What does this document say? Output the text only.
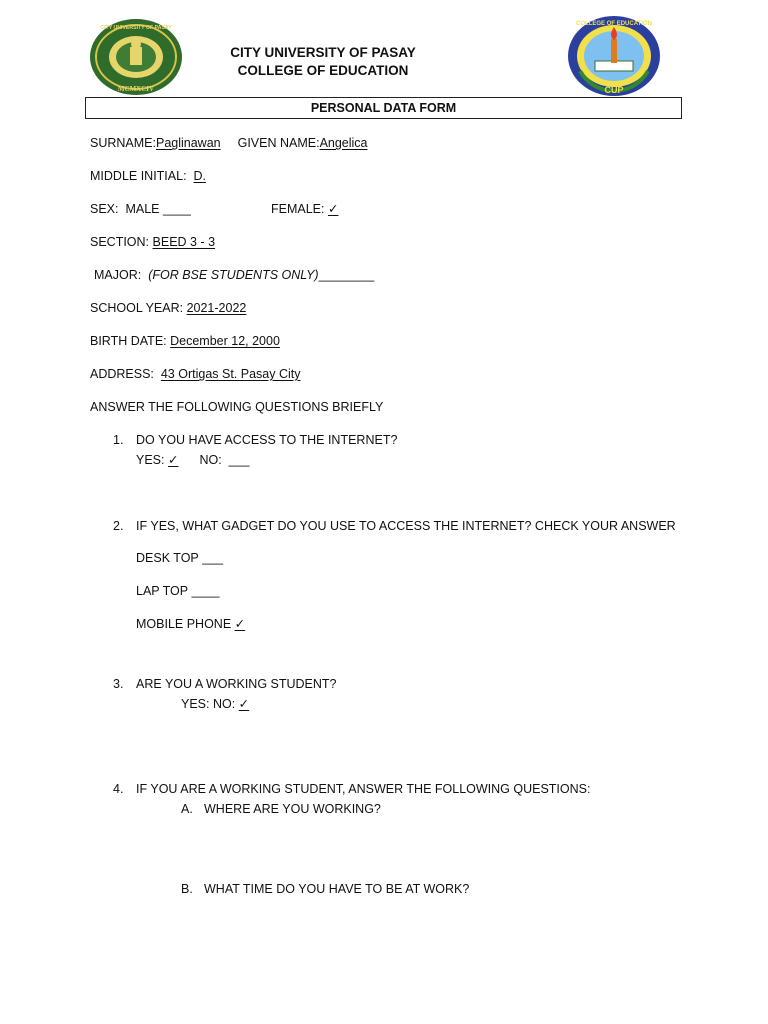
MCMXCIV
CITY UNIVERSITY OF PASAY
CITY UNIVERSITY OF PASAY
COLLEGE OF EDUCATION
COLLEGE OF EDUCATION
CUP
PERSONAL DATA FORM
SURNAME:Paglinawan GIVEN NAME:Angelica
MIDDLE INITIAL: D.
SEX: MALE ____	FEMALE: ✓
SECTION: BEED 3 - 3
MAJOR: (FOR BSE STUDENTS ONLY)________
SCHOOL YEAR: 2021-2022
BIRTH DATE: December 12, 2000
ADDRESS: 43 Ortigas St. Pasay City
ANSWER THE FOLLOWING QUESTIONS BRIEFLY
1. DO YOU HAVE ACCESS TO THE INTERNET?
YES: ✓ NO: ___
2. IF YES, WHAT GADGET DO YOU USE TO ACCESS THE INTERNET? CHECK YOUR ANSWER
DESK TOP ___
LAP TOP ____
MOBILE PHONE ✓
3. ARE YOU A WORKING STUDENT?
YES: NO: ✓
4. IF YOU ARE A WORKING STUDENT, ANSWER THE FOLLOWING QUESTIONS:
A. WHERE ARE YOU WORKING?
B. WHAT TIME DO YOU HAVE TO BE AT WORK?
